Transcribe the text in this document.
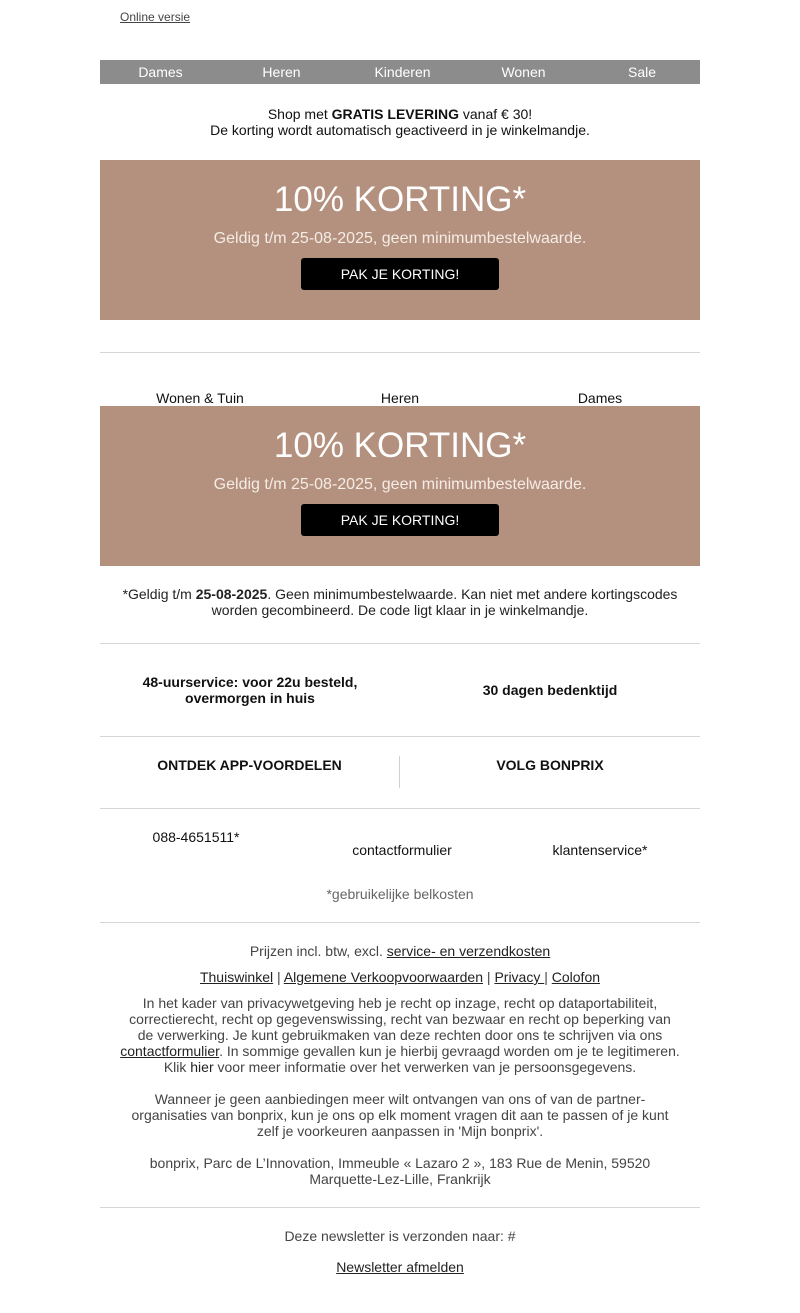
Online versie
Dames	Heren	Kinderen	Wonen	Sale
Shop met GRATIS LEVERING vanaf € 30!
De korting wordt automatisch geactiveerd in je winkelmandje.
10% KORTING*
Geldig t/m 25-08-2025, geen minimumbestelwaarde.
PAK JE KORTING!
Wonen & Tuin	Heren	Dames
10% KORTING*
Geldig t/m 25-08-2025, geen minimumbestelwaarde.
PAK JE KORTING!
*Geldig t/m 25-08-2025. Geen minimumbestelwaarde. Kan niet met andere kortingscodes worden gecombineerd. De code ligt klaar in je winkelmandje.
48-uurservice: voor 22u besteld, overmorgen in huis	30 dagen bedenktijd
ONTDEK APP-VOORDELEN	VOLG BONPRIX
088-4651511*
contactformulier	klantenservice*
*gebruikelijke belkosten
Prijzen incl. btw, excl. service- en verzendkosten
Thuiswinkel | Algemene Verkoopvoorwaarden | Privacy | Colofon
In het kader van privacywetgeving heb je recht op inzage, recht op dataportabiliteit, correctierecht, recht op gegevenswissing, recht van bezwaar en recht op beperking van de verwerking. Je kunt gebruikmaken van deze rechten door ons te schrijven via ons contactformulier. In sommige gevallen kun je hierbij gevraagd worden om je te legitimeren. Klik hier voor meer informatie over het verwerken van je persoonsgegevens.
Wanneer je geen aanbiedingen meer wilt ontvangen van ons of van de partner-organisaties van bonprix, kun je ons op elk moment vragen dit aan te passen of je kunt zelf je voorkeuren aanpassen in 'Mijn bonprix'.
bonprix, Parc de L’Innovation, Immeuble « Lazaro 2 », 183 Rue de Menin, 59520 Marquette-Lez-Lille, Frankrijk
Deze newsletter is verzonden naar: #
Newsletter afmelden
